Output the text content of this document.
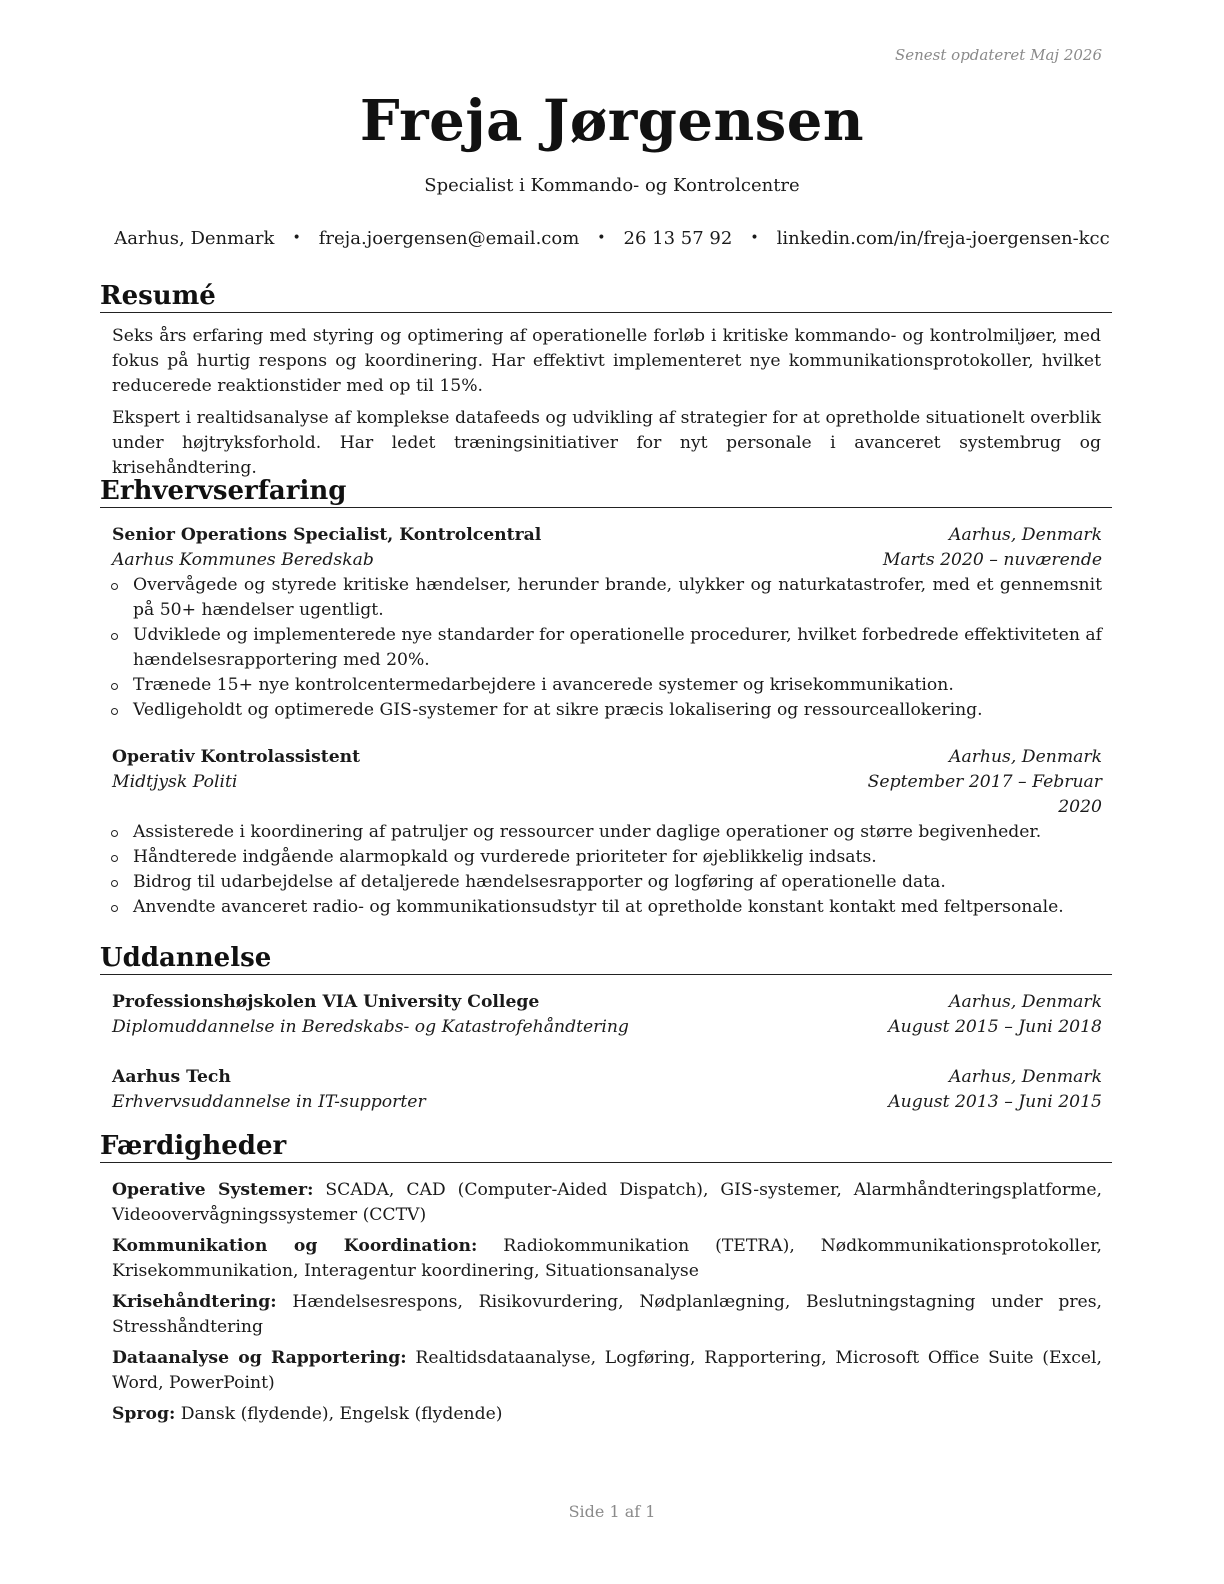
Senest opdateret Maj 2026
Freja Jørgensen
Specialist i Kommando- og Kontrolcentre
Aarhus, Denmark • freja.joergensen@email.com • 26 13 57 92 • linkedin.com/in/freja-joergensen-kcc
Resumé

Seks års erfaring med styring og optimering af operationelle forløb i kritiske kommando- og kontrolmiljøer, med fokus på hurtig respons og koordinering. Har effektivt implementeret nye kommunikationsprotokoller, hvilket reducerede reaktionstider med op til 15%.

Ekspert i realtidsanalyse af komplekse datafeeds og udvikling af strategier for at opretholde situationelt overblik under højtryksforhold. Har ledet træningsinitiativer for nyt personale i avanceret systembrug og krisehåndtering.

Erhvervserfaring
Senior Operations Specialist, Kontrolcentral	Aarhus, Denmark
Aarhus Kommunes Beredskab	Marts 2020 – nuværende
Overvågede og styrede kritiske hændelser, herunder brande, ulykker og naturkatastrofer, med et gennemsnit på 50+ hændelser ugentligt.
Udviklede og implementerede nye standarder for operationelle procedurer, hvilket forbedrede effektiviteten af hændelsesrapportering med 20%.
Trænede 15+ nye kontrolcentermedarbejdere i avancerede systemer og krisekommunikation.
Vedligeholdt og optimerede GIS-systemer for at sikre præcis lokalisering og ressourceallokering.
Operativ Kontrolassistent	Aarhus, Denmark
Midtjysk Politi	September 2017 – Februar 2020
Assisterede i koordinering af patruljer og ressourcer under daglige operationer og større begivenheder.
Håndterede indgående alarmopkald og vurderede prioriteter for øjeblikkelig indsats.
Bidrog til udarbejdelse af detaljerede hændelsesrapporter og logføring af operationelle data.
Anvendte avanceret radio- og kommunikationsudstyr til at opretholde konstant kontakt med feltpersonale.
Uddannelse
Professionshøjskolen VIA University College	Aarhus, Denmark
Diplomuddannelse in Beredskabs- og Katastrofehåndtering	August 2015 – Juni 2018
Aarhus Tech	Aarhus, Denmark
Erhvervsuddannelse in IT-supporter	August 2013 – Juni 2015
Færdigheder
Operative Systemer: SCADA, CAD (Computer-Aided Dispatch), GIS-systemer, Alarmhåndteringsplatforme, Videoovervågningssystemer (CCTV)
Kommunikation og Koordination: Radiokommunikation (TETRA), Nødkommunikationsprotokoller, Krisekommunikation, Interagentur koordinering, Situationsanalyse
Krisehåndtering: Hændelsesrespons, Risikovurdering, Nødplanlægning, Beslutningstagning under pres, Stresshåndtering
Dataanalyse og Rapportering: Realtidsdataanalyse, Logføring, Rapportering, Microsoft Office Suite (Excel, Word, PowerPoint)
Sprog: Dansk (flydende), Engelsk (flydende)
Side 1 af 1
